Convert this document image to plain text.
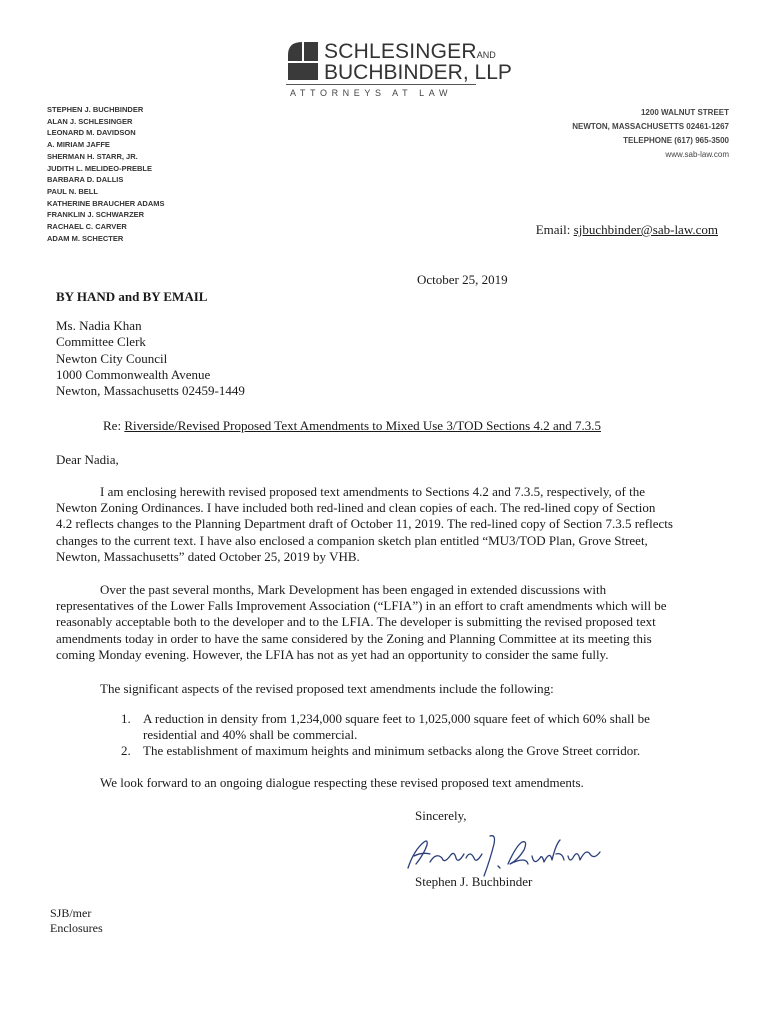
SCHLESINGERAND
BUCHBINDER, LLP
ATTORNEYS AT LAW
STEPHEN J. BUCHBINDER
ALAN J. SCHLESINGER
LEONARD M. DAVIDSON
A. MIRIAM JAFFE
SHERMAN H. STARR, JR.
JUDITH L. MELIDEO-PREBLE
BARBARA D. DALLIS
PAUL N. BELL
KATHERINE BRAUCHER ADAMS
FRANKLIN J. SCHWARZER
RACHAEL C. CARVER
ADAM M. SCHECTER
1200 WALNUT STREET
NEWTON, MASSACHUSETTS 02461-1267
TELEPHONE (617) 965-3500
www.sab-law.com
Email: sjbuchbinder@sab-law.com
October 25, 2019
BY HAND and BY EMAIL
Ms. Nadia Khan
Committee Clerk
Newton City Council
1000 Commonwealth Avenue
Newton, Massachusetts 02459-1449
Re: Riverside/Revised Proposed Text Amendments to Mixed Use 3/TOD Sections 4.2 and 7.3.5
Dear Nadia,
I am enclosing herewith revised proposed text amendments to Sections 4.2 and 7.3.5, respectively, of the
Newton Zoning Ordinances. I have included both red-lined and clean copies of each. The red-lined copy of Section
4.2 reflects changes to the Planning Department draft of October 11, 2019. The red-lined copy of Section 7.3.5 reflects
changes to the current text. I have also enclosed a companion sketch plan entitled “MU3/TOD Plan, Grove Street,
Newton, Massachusetts” dated October 25, 2019 by VHB.
Over the past several months, Mark Development has been engaged in extended discussions with
representatives of the Lower Falls Improvement Association (“LFIA”) in an effort to craft amendments which will be
reasonably acceptable both to the developer and to the LFIA. The developer is submitting the revised proposed text
amendments today in order to have the same considered by the Zoning and Planning Committee at its meeting this
coming Monday evening. However, the LFIA has not as yet had an opportunity to consider the same fully.
The significant aspects of the revised proposed text amendments include the following:
1. A reduction in density from 1,234,000 square feet to 1,025,000 square feet of which 60% shall be
residential and 40% shall be commercial.
2. The establishment of maximum heights and minimum setbacks along the Grove Street corridor.
We look forward to an ongoing dialogue respecting these revised proposed text amendments.
Sincerely,
Stephen J. Buchbinder
SJB/mer
Enclosures
